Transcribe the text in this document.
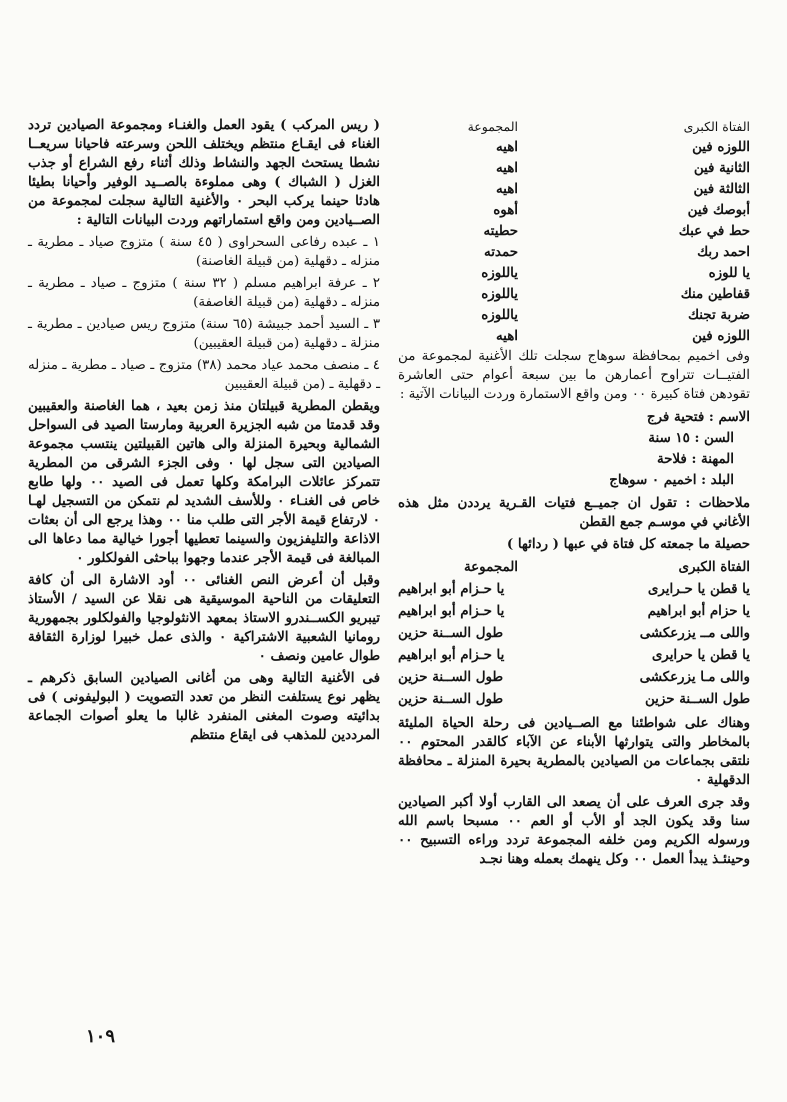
الفتاة الكبرى
المجموعة
اللوزه فين
اهيه
الثانية فين
اهيه
الثالثة فين
اهيه
أبوصك فين
أهوه
حط في عبك
حطيته
احمد ربك
حمدته
يا للوزه
ياللوزه
قفاطين منك
ياللوزه
ضربة تجنك
ياللوزه
اللوزه فين
اهيه

وفى اخميم بمحافظة سوهاج سجلت تلك الأغنية لمجموعة من الفتيــات تتراوح أعمارهن ما بين سبعة أعوام حتى العاشرة تقودهن فتاة كبيرة ٠٠ ومن واقع الاستمارة وردت البيانات الآتية :

الاسم : فتحية فرج
السن : ١٥ سنة
المهنة : فلاحة
البلد : اخميم ٠ سوهاج

ملاحظات : تقول ان جميــع فتيات القـرية يرددن مثل هذه الأغاني في موسـم جمع القطن

حصيلة ما جمعته كل فتاة في عبها ( ردائها )

الفتاة الكبرى
المجموعة
يا قطن يا حـرايرى
يا حـزام أبو ابراهيم
يا حزام أبو ابراهيم
يا حـزام أبو ابراهيم
واللى مــ يزرعكشى
طول الســنة حزين
يا قطن يا حرايرى
يا حـزام أبو ابراهيم
واللى مـا يزرعكشى
طول الســنة حزين
طول الســنة حزين
طول الســنة حزين

وهناك على شواطئنا مع الصــيادين فى رحلة الحياة المليئة بالمخاطر والتى يتوارثها الأبناء عن الآباء كالقدر المحتوم ٠٠ نلتقى بجماعات من الصيادين بالمطرية بحيرة المنزلة ـ محافظة الدقهلية ٠

وقد جرى العرف على أن يصعد الى القارب أولا أكبر الصيادين سنا وقد يكون الجد أو الأب أو العم ٠٠ مسبحا باسم الله ورسوله الكريم ومن خلفه المجموعة تردد وراءه التسبيح ٠٠ وحينئـذ يبدأ العمل ٠٠ وكل ينهمك بعمله وهنا نجـد

( ريس المركب ) يقود العمل والغنـاء ومجموعة الصيادين تردد الغناء فى ايقـاع منتظم ويختلف اللحن وسرعته فاحيانا سريعــا نشطا يستحث الجهد والنشاط وذلك أثناء رفع الشراع أو جذب الغزل ( الشباك ) وهى مملوءة بالصــيد الوفير وأحيانا بطيئا هادئا حينما يركب البحر ٠ والأغنية التالية سجلت لمجموعة من الصــيادين ومن واقع استماراتهم وردت البيانات التالية :

١ ـ عبده رفاعى السحراوى ( ٤٥ سنة ) متزوج صياد ـ مطرية ـ منزله ـ دقهلية (من قبيلة الغاصنة)

٢ ـ عرفة ابراهيم مسلم ( ٣٢ سنة ) متزوج ـ صياد ـ مطرية ـ منزله ـ دقهلية (من قبيلة الغاصفة)

٣ ـ السيد أحمد جبيشة (٦٥ سنة) متزوج ريس صيادين ـ مطرية ـ منزلة ـ دقهلية (من قبيلة العقيبين)

٤ ـ منصف محمد عياد محمد (٣٨) متزوج ـ صياد ـ مطرية ـ منزله ـ دقهلية ـ (من قبيلة العقيبين

ويقطن المطرية قبيلتان منذ زمن بعيد ، هما الغاصنة والعقيبين وقد قدمتا من شبه الجزيرة العربية ومارستا الصيد فى السواحل الشمالية وبحيرة المنزلة والى هاتين القبيلتين ينتسب مجموعة الصيادين التى سجل لها ٠ وفى الجزء الشرقى من المطرية تتمركز عائلات البرامكة وكلها تعمل فى الصيد ٠٠ ولها طابع خاص فى الغنـاء ٠ وللأسف الشديد لم نتمكن من التسجيل لهـا ٠ لارتفاع قيمة الأجر التى طلب منا ٠٠ وهذا يرجع الى أن بعثات الاذاعة والتليفزيون والسينما تعطيها أجورا خيالية مما دعاها الى المبالغة فى قيمة الأجر عندما وجهوا بباحثى الفولكلور ٠

وقبل أن أعرض النص الغنائى ٠٠ أود الاشارة الى أن كافة التعليقات من الناحية الموسيقية هى نقلا عن السيد / الأستاذ تيبريو الكســندرو الاستاذ بمعهد الانثولوجيا والفولكلور بجمهورية رومانيا الشعبية الاشتراكية ٠ والذى عمل خبيرا لوزارة الثقافة طوال عامين ونصف ٠

فى الأغنية التالية وهى من أغانى الصيادين السابق ذكرهم ـ يظهر نوع يستلفت النظر من تعدد التصويت ( البوليفونى ) فى بدائيته وصوت المغنى المنفرد غالبا ما يعلو أصوات الجماعة المرددين للمذهب فى ايقاع منتظم

١٠٩
